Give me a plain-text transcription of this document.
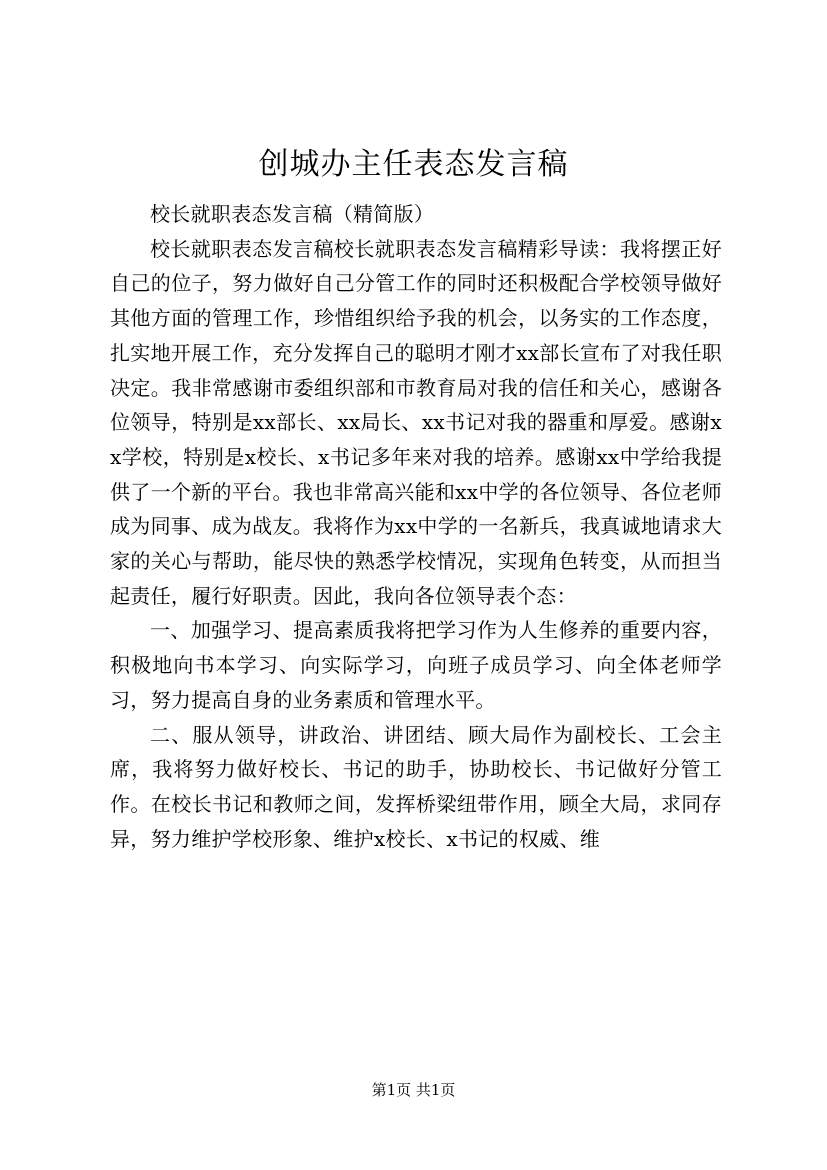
创城办主任表态发言稿

校长就职表态发言稿（精简版）

校长就职表态发言稿校长就职表态发言稿精彩导读：我将摆正好自己的位子，努力做好自己分管工作的同时还积极配合学校领导做好其他方面的管理工作，珍惜组织给予我的机会，以务实的工作态度，扎实地开展工作，充分发挥自己的聪明才刚才xx部长宣布了对我任职决定。我非常感谢市委组织部和市教育局对我的信任和关心，感谢各位领导，特别是xx部长、xx局长、xx书记对我的器重和厚爱。感谢xx学校，特别是x校长、x书记多年来对我的培养。感谢xx中学给我提供了一个新的平台。我也非常高兴能和xx中学的各位领导、各位老师成为同事、成为战友。我将作为xx中学的一名新兵，我真诚地请求大家的关心与帮助，能尽快的熟悉学校情况，实现角色转变，从而担当起责任，履行好职责。因此，我向各位领导表个态：

一、加强学习、提高素质我将把学习作为人生修养的重要内容，积极地向书本学习、向实际学习，向班子成员学习、向全体老师学习，努力提高自身的业务素质和管理水平。

二、服从领导，讲政治、讲团结、顾大局作为副校长、工会主席，我将努力做好校长、书记的助手，协助校长、书记做好分管工作。在校长书记和教师之间，发挥桥梁纽带作用，顾全大局，求同存异，努力维护学校形象、维护x校长、x书记的权威、维

第1页 共1页
